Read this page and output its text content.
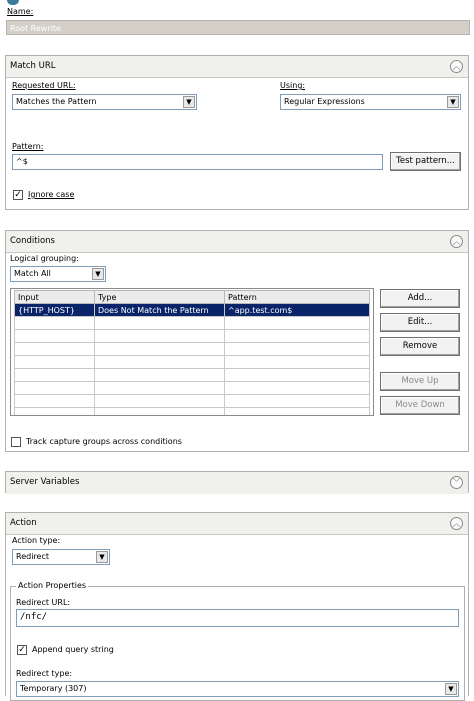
Name:
Root Rewrite
Match URL	︿
Requested URL:
Matches the Pattern	▼
Using:
Regular Expressions	▼
Pattern:
^$	Test pattern...
✓ Ignore case
Conditions	︿
Logical grouping:
Match All	▼
Input	Type	Pattern
{HTTP_HOST}	Does Not Match the Pattern	^app.test.com$

Add...
Edit...
Remove
Move Up
Move Down
Track capture groups across conditions
Server Variables	﹀
Action	︿
Action type:
Redirect	▼
Action Properties
Redirect URL:
/nfc/
✓ Append query string
Redirect type:
Temporary (307)	▼
